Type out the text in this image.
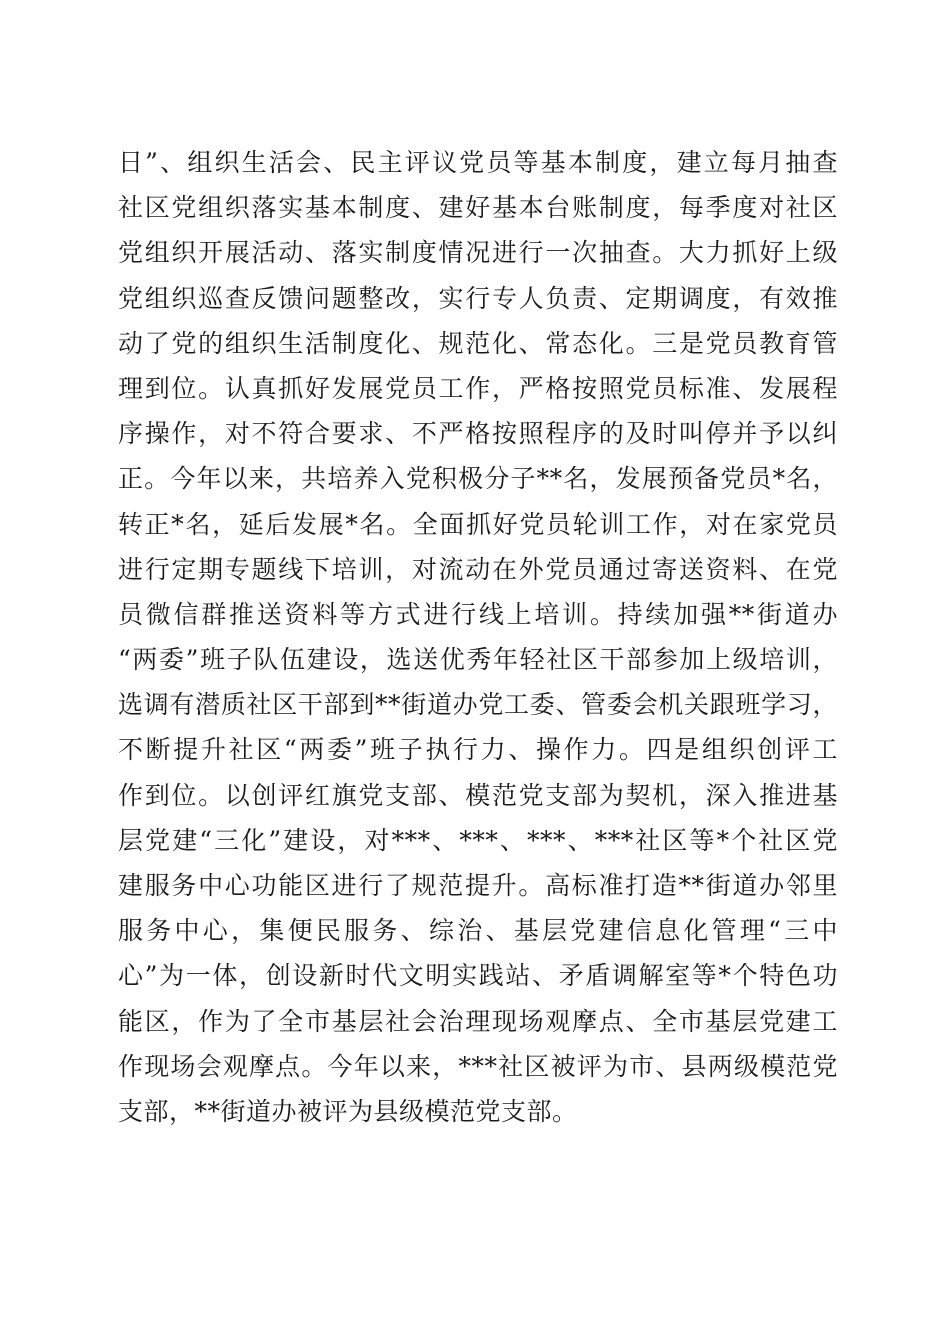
日”、组织生活会、民主评议党员等基本制度，建立每月抽查
社区党组织落实基本制度、建好基本台账制度，每季度对社区
党组织开展活动、落实制度情况进行一次抽查。大力抓好上级
党组织巡查反馈问题整改，实行专人负责、定期调度，有效推
动了党的组织生活制度化、规范化、常态化。三是党员教育管
理到位。认真抓好发展党员工作，严格按照党员标准、发展程
序操作，对不符合要求、不严格按照程序的及时叫停并予以纠
正。今年以来，共培养入党积极分子**名，发展预备党员*名，
转正*名，延后发展*名。全面抓好党员轮训工作，对在家党员
进行定期专题线下培训，对流动在外党员通过寄送资料、在党
员微信群推送资料等方式进行线上培训。持续加强**街道办
“两委”班子队伍建设，选送优秀年轻社区干部参加上级培训，
选调有潜质社区干部到**街道办党工委、管委会机关跟班学习，
不断提升社区“两委”班子执行力、操作力。四是组织创评工
作到位。以创评红旗党支部、模范党支部为契机，深入推进基
层党建“三化”建设，对***、***、***、***社区等*个社区党
建服务中心功能区进行了规范提升。高标准打造**街道办邻里
服务中心，集便民服务、综治、基层党建信息化管理“三中
心”为一体，创设新时代文明实践站、矛盾调解室等*个特色功
能区，作为了全市基层社会治理现场观摩点、全市基层党建工
作现场会观摩点。今年以来，***社区被评为市、县两级模范党
支部，**街道办被评为县级模范党支部。
